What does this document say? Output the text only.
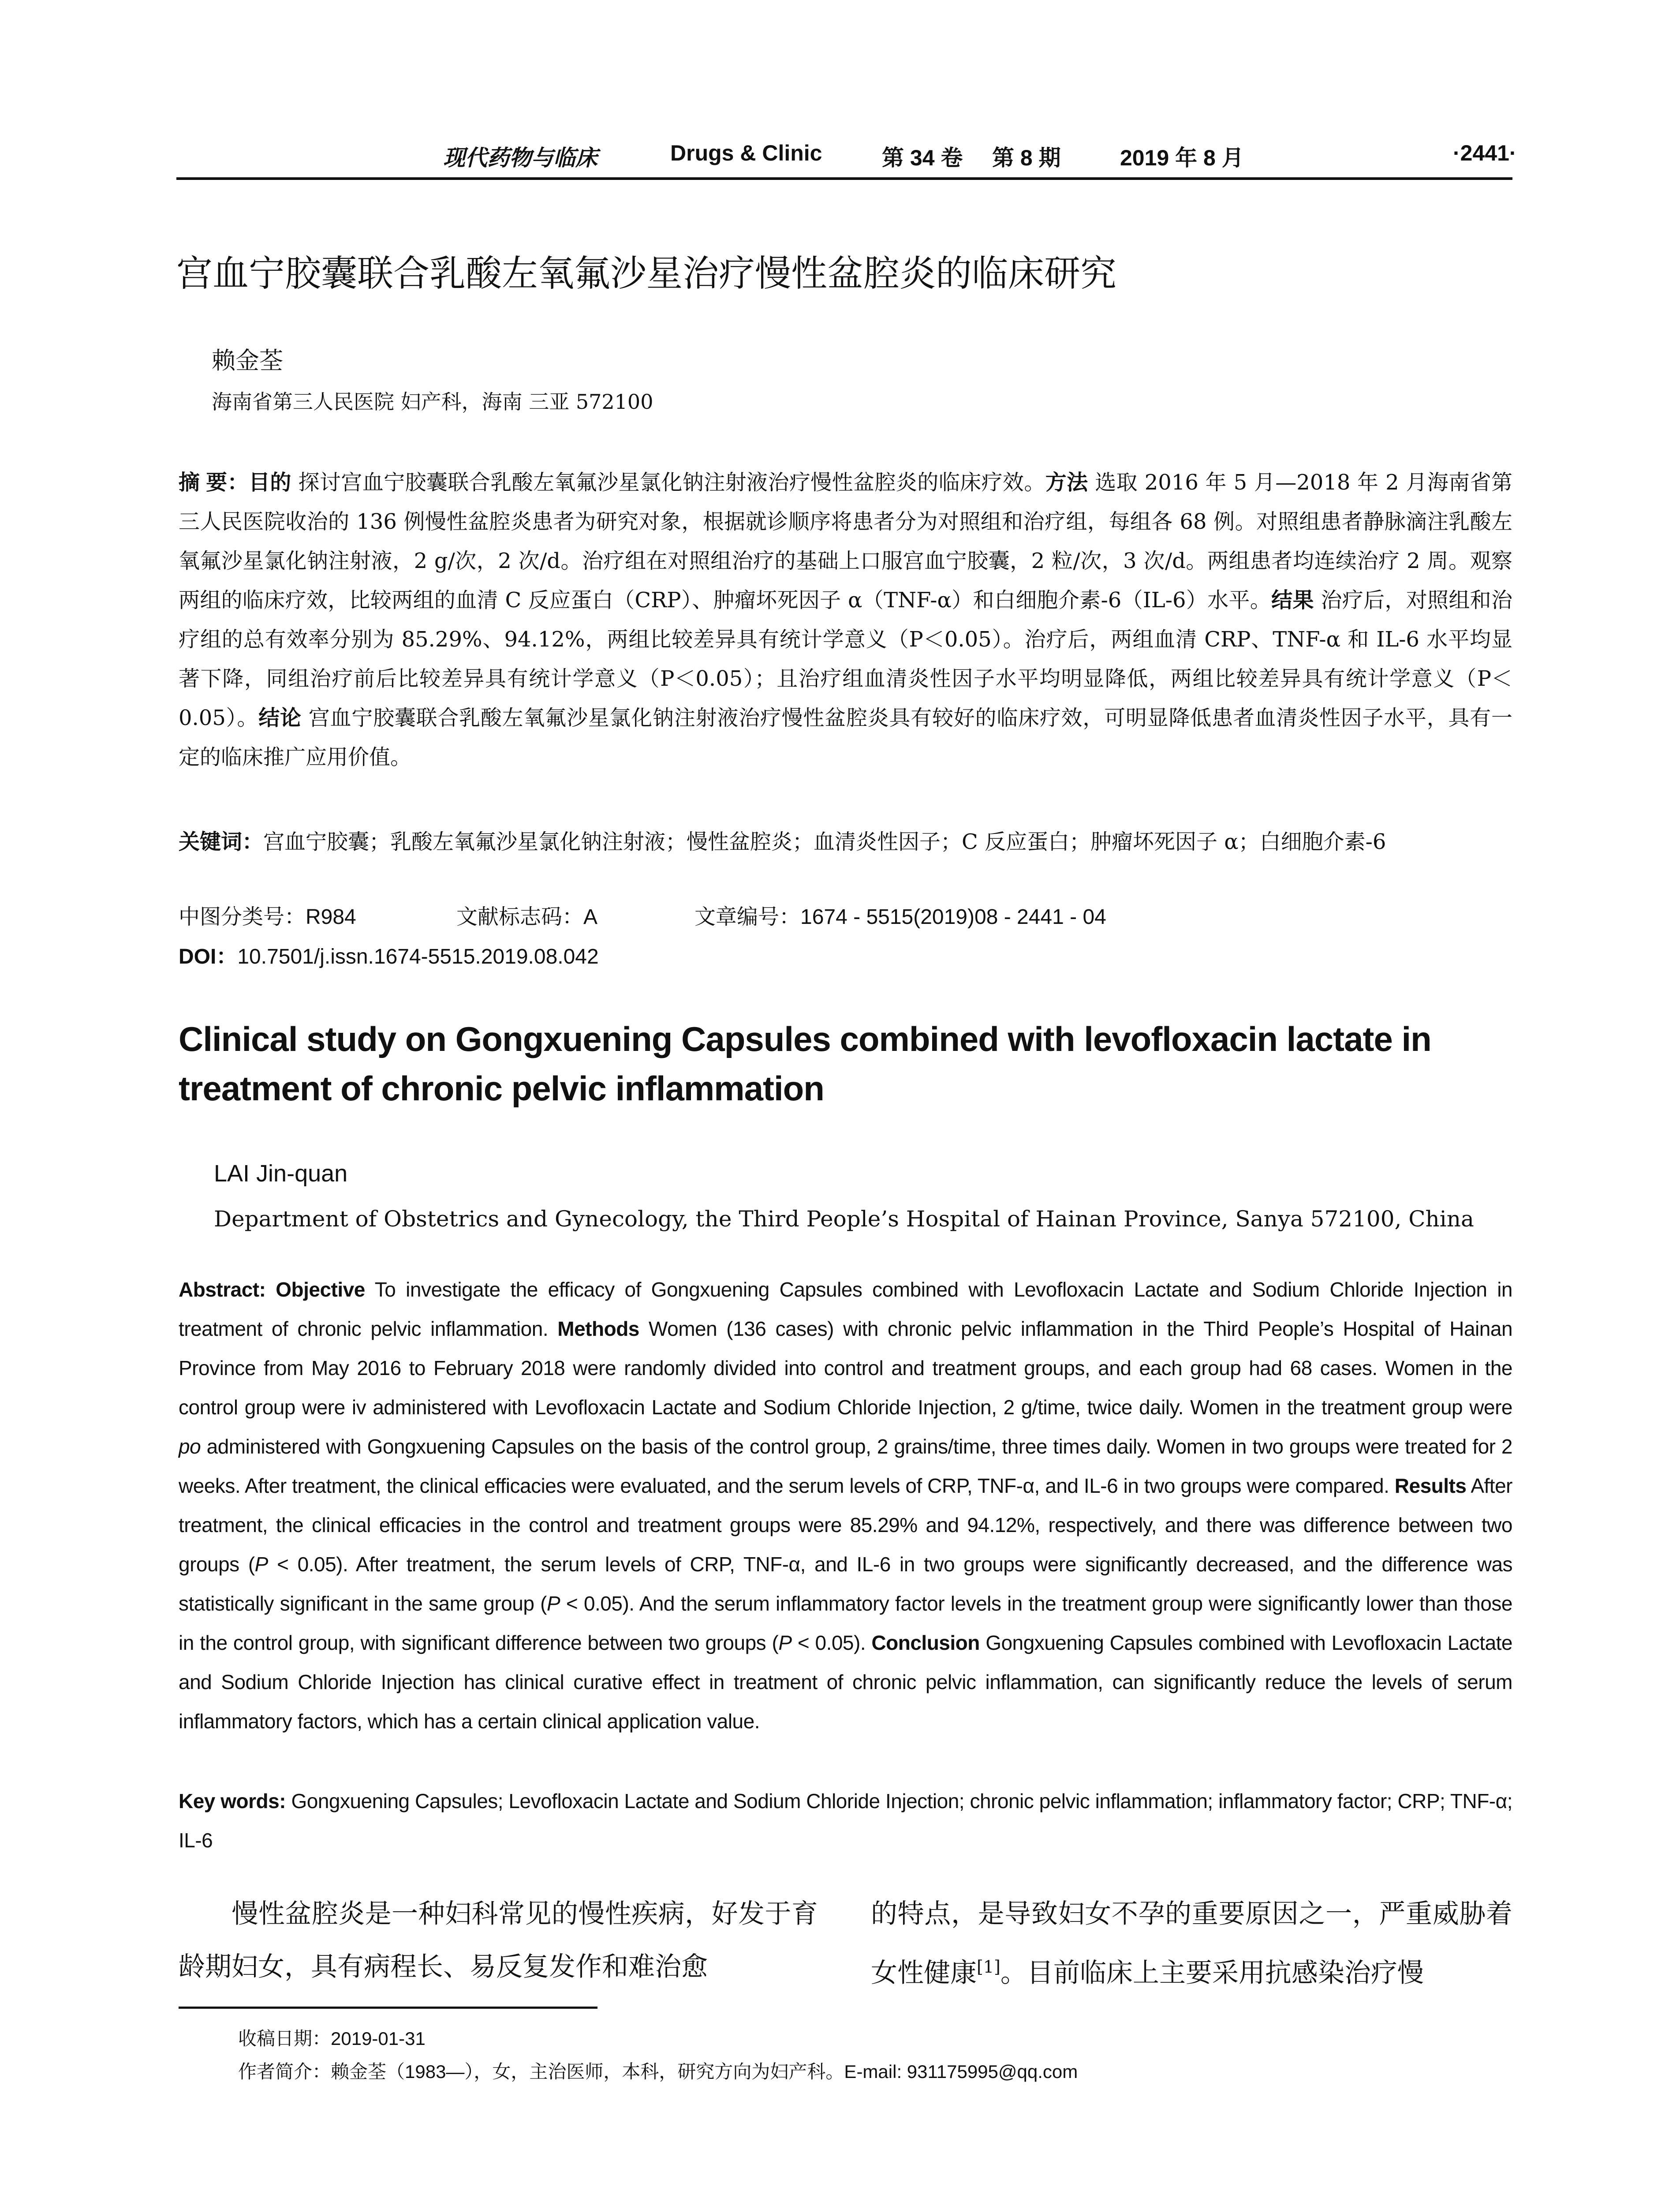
现代药物与临床	Drugs & Clinic	第 34 卷 第 8 期	2019 年 8 月	·2441·
宫血宁胶囊联合乳酸左氧氟沙星治疗慢性盆腔炎的临床研究
赖金荃
海南省第三人民医院 妇产科，海南 三亚 572100
摘 要：目的 探讨宫血宁胶囊联合乳酸左氧氟沙星氯化钠注射液治疗慢性盆腔炎的临床疗效。方法 选取 2016 年 5 月—2018 年 2 月海南省第三人民医院收治的 136 例慢性盆腔炎患者为研究对象，根据就诊顺序将患者分为对照组和治疗组，每组各 68 例。对照组患者静脉滴注乳酸左氧氟沙星氯化钠注射液，2 g/次，2 次/d。治疗组在对照组治疗的基础上口服宫血宁胶囊，2 粒/次，3 次/d。两组患者均连续治疗 2 周。观察两组的临床疗效，比较两组的血清 C 反应蛋白（CRP）、肿瘤坏死因子 α（TNF-α）和白细胞介素-6（IL-6）水平。结果 治疗后，对照组和治疗组的总有效率分别为 85.29%、94.12%，两组比较差异具有统计学意义（P＜0.05）。治疗后，两组血清 CRP、TNF-α 和 IL-6 水平均显著下降，同组治疗前后比较差异具有统计学意义（P＜0.05）；且治疗组血清炎性因子水平均明显降低，两组比较差异具有统计学意义（P＜0.05）。结论 宫血宁胶囊联合乳酸左氧氟沙星氯化钠注射液治疗慢性盆腔炎具有较好的临床疗效，可明显降低患者血清炎性因子水平，具有一定的临床推广应用价值。
关键词：宫血宁胶囊；乳酸左氧氟沙星氯化钠注射液；慢性盆腔炎；血清炎性因子；C 反应蛋白；肿瘤坏死因子 α；白细胞介素-6
中图分类号：R984	文献标志码：A	文章编号：1674 - 5515(2019)08 - 2441 - 04
DOI：10.7501/j.issn.1674-5515.2019.08.042
Clinical study on Gongxuening Capsules combined with levofloxacin lactate in treatment of chronic pelvic inflammation
LAI Jin-quan
Department of Obstetrics and Gynecology, the Third People’s Hospital of Hainan Province, Sanya 572100, China
Abstract: Objective To investigate the efficacy of Gongxuening Capsules combined with Levofloxacin Lactate and Sodium Chloride Injection in treatment of chronic pelvic inflammation. Methods Women (136 cases) with chronic pelvic inflammation in the Third People’s Hospital of Hainan Province from May 2016 to February 2018 were randomly divided into control and treatment groups, and each group had 68 cases. Women in the control group were iv administered with Levofloxacin Lactate and Sodium Chloride Injection, 2 g/time, twice daily. Women in the treatment group were po administered with Gongxuening Capsules on the basis of the control group, 2 grains/time, three times daily. Women in two groups were treated for 2 weeks. After treatment, the clinical efficacies were evaluated, and the serum levels of CRP, TNF-α, and IL-6 in two groups were compared. Results After treatment, the clinical efficacies in the control and treatment groups were 85.29% and 94.12%, respectively, and there was difference between two groups (P < 0.05). After treatment, the serum levels of CRP, TNF-α, and IL-6 in two groups were significantly decreased, and the difference was statistically significant in the same group (P < 0.05). And the serum inflammatory factor levels in the treatment group were significantly lower than those in the control group, with significant difference between two groups (P < 0.05). Conclusion Gongxuening Capsules combined with Levofloxacin Lactate and Sodium Chloride Injection has clinical curative effect in treatment of chronic pelvic inflammation, can significantly reduce the levels of serum inflammatory factors, which has a certain clinical application value.
Key words: Gongxuening Capsules; Levofloxacin Lactate and Sodium Chloride Injection; chronic pelvic inflammation; inflammatory factor; CRP; TNF-α; IL-6
慢性盆腔炎是一种妇科常见的慢性疾病，好发于育龄期妇女，具有病程长、易反复发作和难治愈
的特点，是导致妇女不孕的重要原因之一，严重威胁着女性健康[1]。目前临床上主要采用抗感染治疗慢
收稿日期：2019-01-31
作者简介：赖金荃（1983—），女，主治医师，本科，研究方向为妇产科。E-mail: 931175995@qq.com
